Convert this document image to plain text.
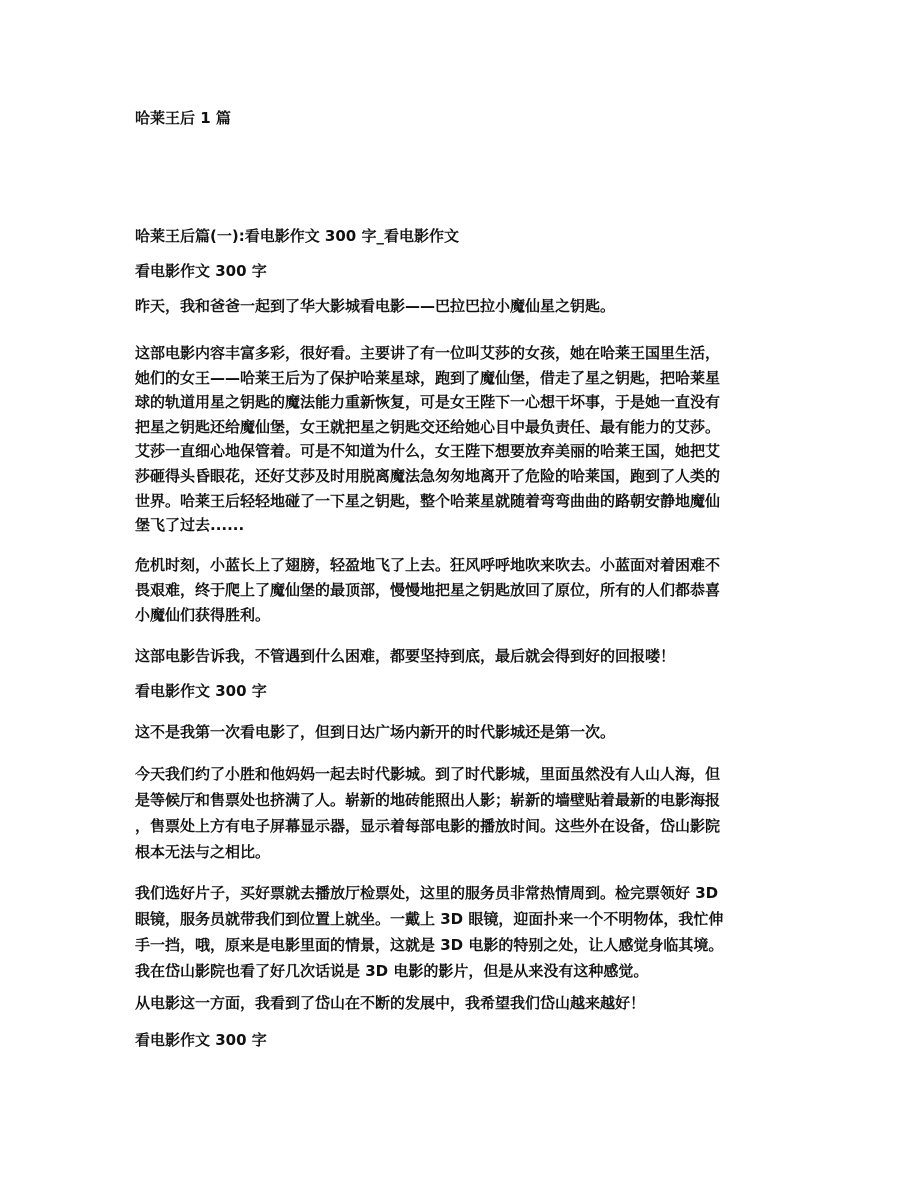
哈莱王后 1 篇
哈莱王后篇(一):看电影作文 300 字_看电影作文
看电影作文 300 字
昨天，我和爸爸一起到了华大影城看电影——巴拉巴拉小魔仙星之钥匙。
这部电影内容丰富多彩，很好看。主要讲了有一位叫艾莎的女孩，她在哈莱王国里生活，
她们的女王——哈莱王后为了保护哈莱星球，跑到了魔仙堡，借走了星之钥匙，把哈莱星
球的轨道用星之钥匙的魔法能力重新恢复，可是女王陛下一心想干坏事，于是她一直没有
把星之钥匙还给魔仙堡，女王就把星之钥匙交还给她心目中最负责任、最有能力的艾莎。
艾莎一直细心地保管着。可是不知道为什么，女王陛下想要放弃美丽的哈莱王国，她把艾
莎砸得头昏眼花，还好艾莎及时用脱离魔法急匆匆地离开了危险的哈莱国，跑到了人类的
世界。哈莱王后轻轻地碰了一下星之钥匙，整个哈莱星就随着弯弯曲曲的路朝安静地魔仙
堡飞了过去......
危机时刻，小蓝长上了翅膀，轻盈地飞了上去。狂风呼呼地吹来吹去。小蓝面对着困难不
畏艰难，终于爬上了魔仙堡的最顶部，慢慢地把星之钥匙放回了原位，所有的人们都恭喜
小魔仙们获得胜利。
这部电影告诉我，不管遇到什么困难，都要坚持到底，最后就会得到好的回报喽！
看电影作文 300 字
这不是我第一次看电影了，但到日达广场内新开的时代影城还是第一次。
今天我们约了小胜和他妈妈一起去时代影城。到了时代影城，里面虽然没有人山人海，但
是等候厅和售票处也挤满了人。崭新的地砖能照出人影；崭新的墙壁贴着最新的电影海报
，售票处上方有电子屏幕显示器，显示着每部电影的播放时间。这些外在设备，岱山影院
根本无法与之相比。
我们选好片子，买好票就去播放厅检票处，这里的服务员非常热情周到。检完票领好 3D
眼镜，服务员就带我们到位置上就坐。一戴上 3D 眼镜，迎面扑来一个不明物体，我忙伸
手一挡，哦，原来是电影里面的情景，这就是 3D 电影的特别之处，让人感觉身临其境。
我在岱山影院也看了好几次话说是 3D 电影的影片，但是从来没有这种感觉。
从电影这一方面，我看到了岱山在不断的发展中，我希望我们岱山越来越好！
看电影作文 300 字
